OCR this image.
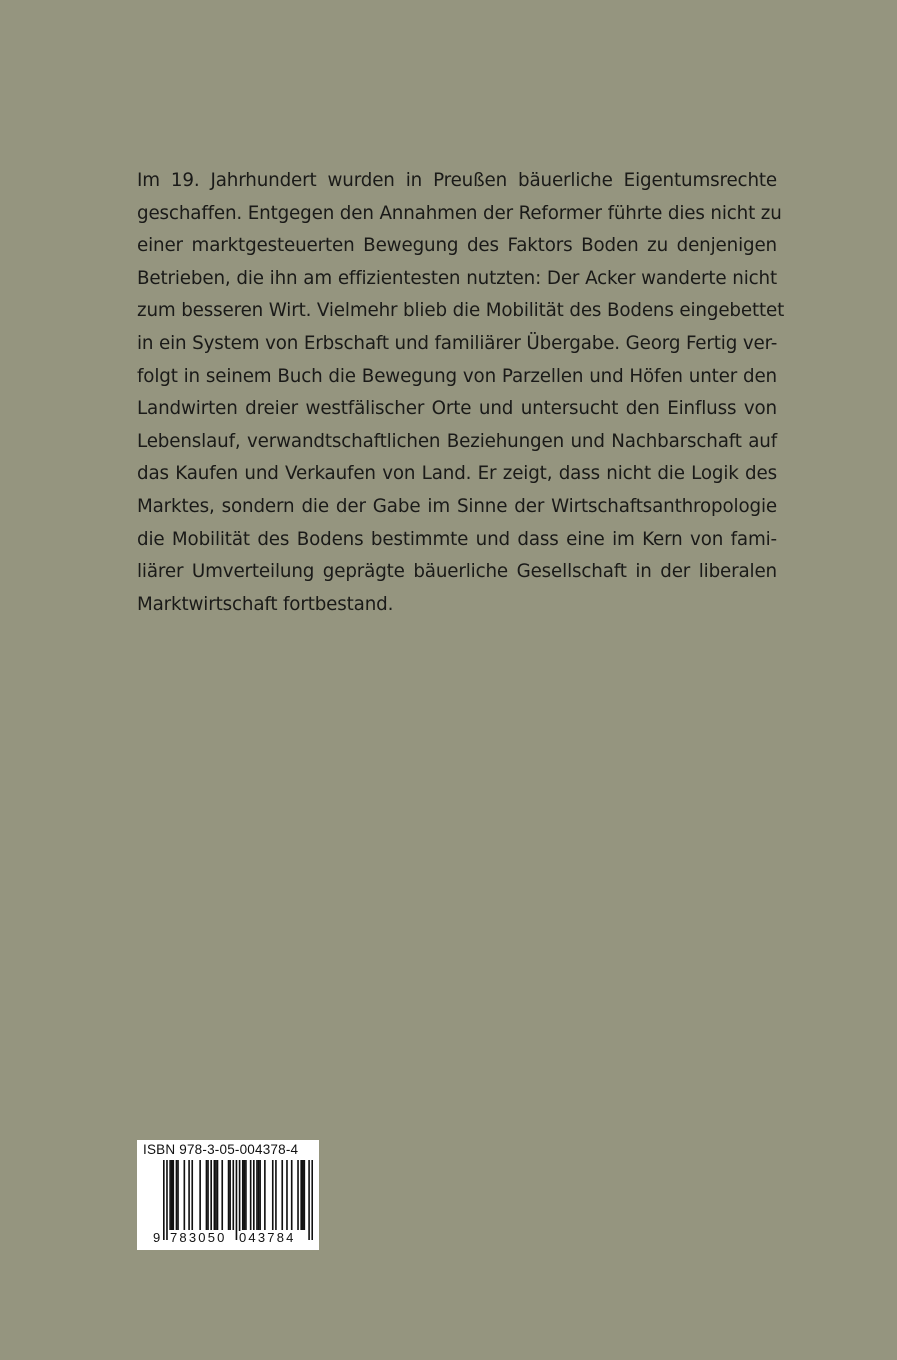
Im 19. Jahrhundert wurden in Preußen bäuerliche Eigentumsrechte
geschaffen. Entgegen den Annahmen der Reformer führte dies nicht zu
einer marktgesteuerten Bewegung des Faktors Boden zu denjenigen
Betrieben, die ihn am effizientesten nutzten: Der Acker wanderte nicht
zum besseren Wirt. Vielmehr blieb die Mobilität des Bodens eingebettet
in ein System von Erbschaft und familiärer Übergabe. Georg Fertig ver-
folgt in seinem Buch die Bewegung von Parzellen und Höfen unter den
Landwirten dreier westfälischer Orte und untersucht den Einfluss von
Lebenslauf, verwandtschaftlichen Beziehungen und Nachbarschaft auf
das Kaufen und Verkaufen von Land. Er zeigt, dass nicht die Logik des
Marktes, sondern die der Gabe im Sinne der Wirtschaftsanthropologie
die Mobilität des Bodens bestimmte und dass eine im Kern von fami-
liärer Umverteilung geprägte bäuerliche Gesellschaft in der liberalen
Marktwirtschaft fortbestand.
ISBN 978-3-05-004378-4
9 783050 043784
